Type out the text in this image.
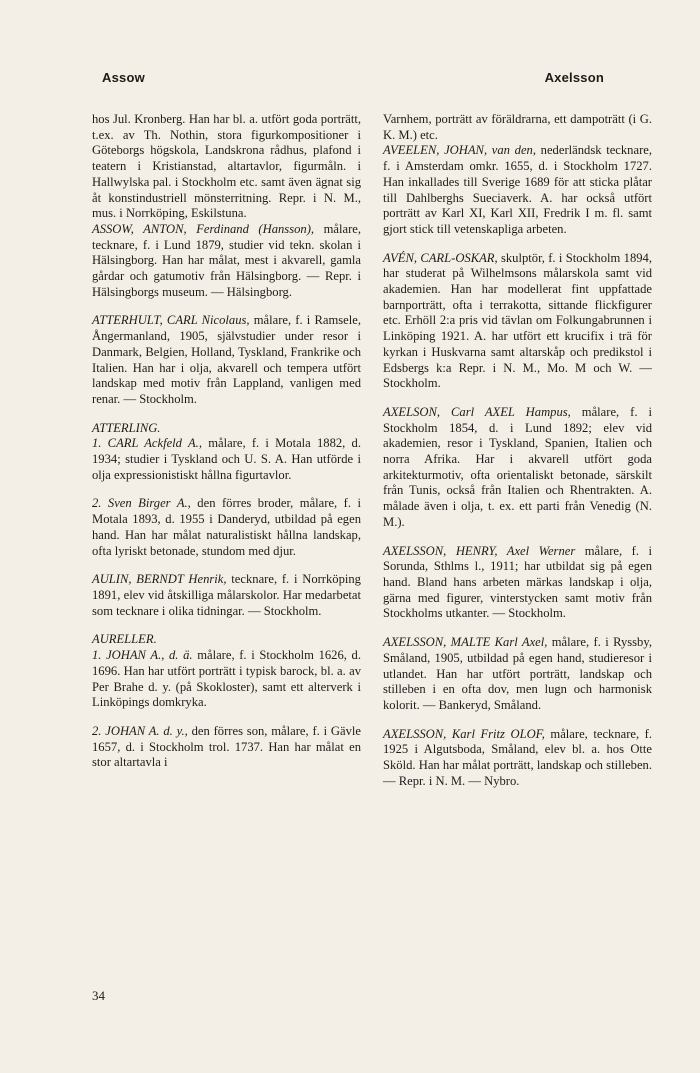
Assow	Axelsson

hos Jul. Kronberg. Han har bl. a. utfört goda porträtt, t.ex. av Th. Nothin, stora figurkompositioner i Göteborgs högskola, Landskrona rådhus, plafond i teatern i Kristianstad, altartavlor, figurmåln. i Hallwylska pal. i Stockholm etc. samt även ägnat sig åt konstindustriell mönsterritning. Repr. i N. M., mus. i Norrköping, Eskilstuna.

ASSOW, ANTON, Ferdinand (Hansson), målare, tecknare, f. i Lund 1879, studier vid tekn. skolan i Hälsingborg. Han har målat, mest i akvarell, gamla gårdar och gatumotiv från Hälsingborg. — Repr. i Hälsingborgs museum. — Hälsingborg.
ATTERHULT, CARL Nicolaus, målare, f. i Ramsele, Ångermanland, 1905, självstudier under resor i Danmark, Belgien, Holland, Tyskland, Frankrike och Italien. Han har i olja, akvarell och tempera utfört landskap med motiv från Lappland, vanligen med renar. — Stockholm.
ATTERLING.
1. CARL Ackfeld A., målare, f. i Motala 1882, d. 1934; studier i Tyskland och U. S. A. Han utförde i olja expressionistiskt hållna figurtavlor.
2. Sven Birger A., den förres broder, målare, f. i Motala 1893, d. 1955 i Danderyd, utbildad på egen hand. Han har målat naturalistiskt hållna landskap, ofta lyriskt betonade, stundom med djur.
AULIN, BERNDT Henrik, tecknare, f. i Norrköping 1891, elev vid åtskilliga målarskolor. Har medarbetat som tecknare i olika tidningar. — Stockholm.
AURELLER.
1. JOHAN A., d. ä. målare, f. i Stockholm 1626, d. 1696. Han har utfört porträtt i typisk barock, bl. a. av Per Brahe d. y. (på Skokloster), samt ett alterverk i Linköpings domkryka.
2. JOHAN A. d. y., den förres son, målare, f. i Gävle 1657, d. i Stockholm trol. 1737. Han har målat en stor altartavla i

Varnhem, porträtt av föräldrarna, ett dampoträtt (i G. K. M.) etc.

AVEELEN, JOHAN, van den, nederländsk tecknare, f. i Amsterdam omkr. 1655, d. i Stockholm 1727. Han inkallades till Sverige 1689 för att sticka plåtar till Dahlberghs Sueciaverk. A. har också utfört porträtt av Karl XI, Karl XII, Fredrik I m. fl. samt gjort stick till vetenskapliga arbeten.
AVÉN, CARL-OSKAR, skulptör, f. i Stockholm 1894, har studerat på Wilhelmsons målarskola samt vid akademien. Han har modellerat fint uppfattade barnporträtt, ofta i terrakotta, sittande flickfigurer etc. Erhöll 2:a pris vid tävlan om Folkungabrunnen i Linköping 1921. A. har utfört ett krucifix i trä för kyrkan i Huskvarna samt altarskåp och predikstol i Edsbergs k:a Repr. i N. M., Mo. M och W. — Stockholm.
AXELSON, Carl AXEL Hampus, målare, f. i Stockholm 1854, d. i Lund 1892; elev vid akademien, resor i Tyskland, Spanien, Italien och norra Afrika. Har i akvarell utfört goda arkitekturmotiv, ofta orientaliskt betonade, särskilt från Tunis, också från Italien och Rhentrakten. A. målade även i olja, t. ex. ett parti från Venedig (N. M.).
AXELSSON, HENRY, Axel Werner målare, f. i Sorunda, Sthlms l., 1911; har utbildat sig på egen hand. Bland hans arbeten märkas landskap i olja, gärna med figurer, vinterstycken samt motiv från Stockholms utkanter. — Stockholm.
AXELSSON, MALTE Karl Axel, målare, f. i Ryssby, Småland, 1905, utbildad på egen hand, studieresor i utlandet. Han har utfört porträtt, landskap och stilleben i en ofta dov, men lugn och harmonisk kolorit. — Bankeryd, Småland.
AXELSSON, Karl Fritz OLOF, målare, tecknare, f. 1925 i Algutsboda, Småland, elev bl. a. hos Otte Sköld. Han har målat porträtt, landskap och stilleben. — Repr. i N. M. — Nybro.
34
